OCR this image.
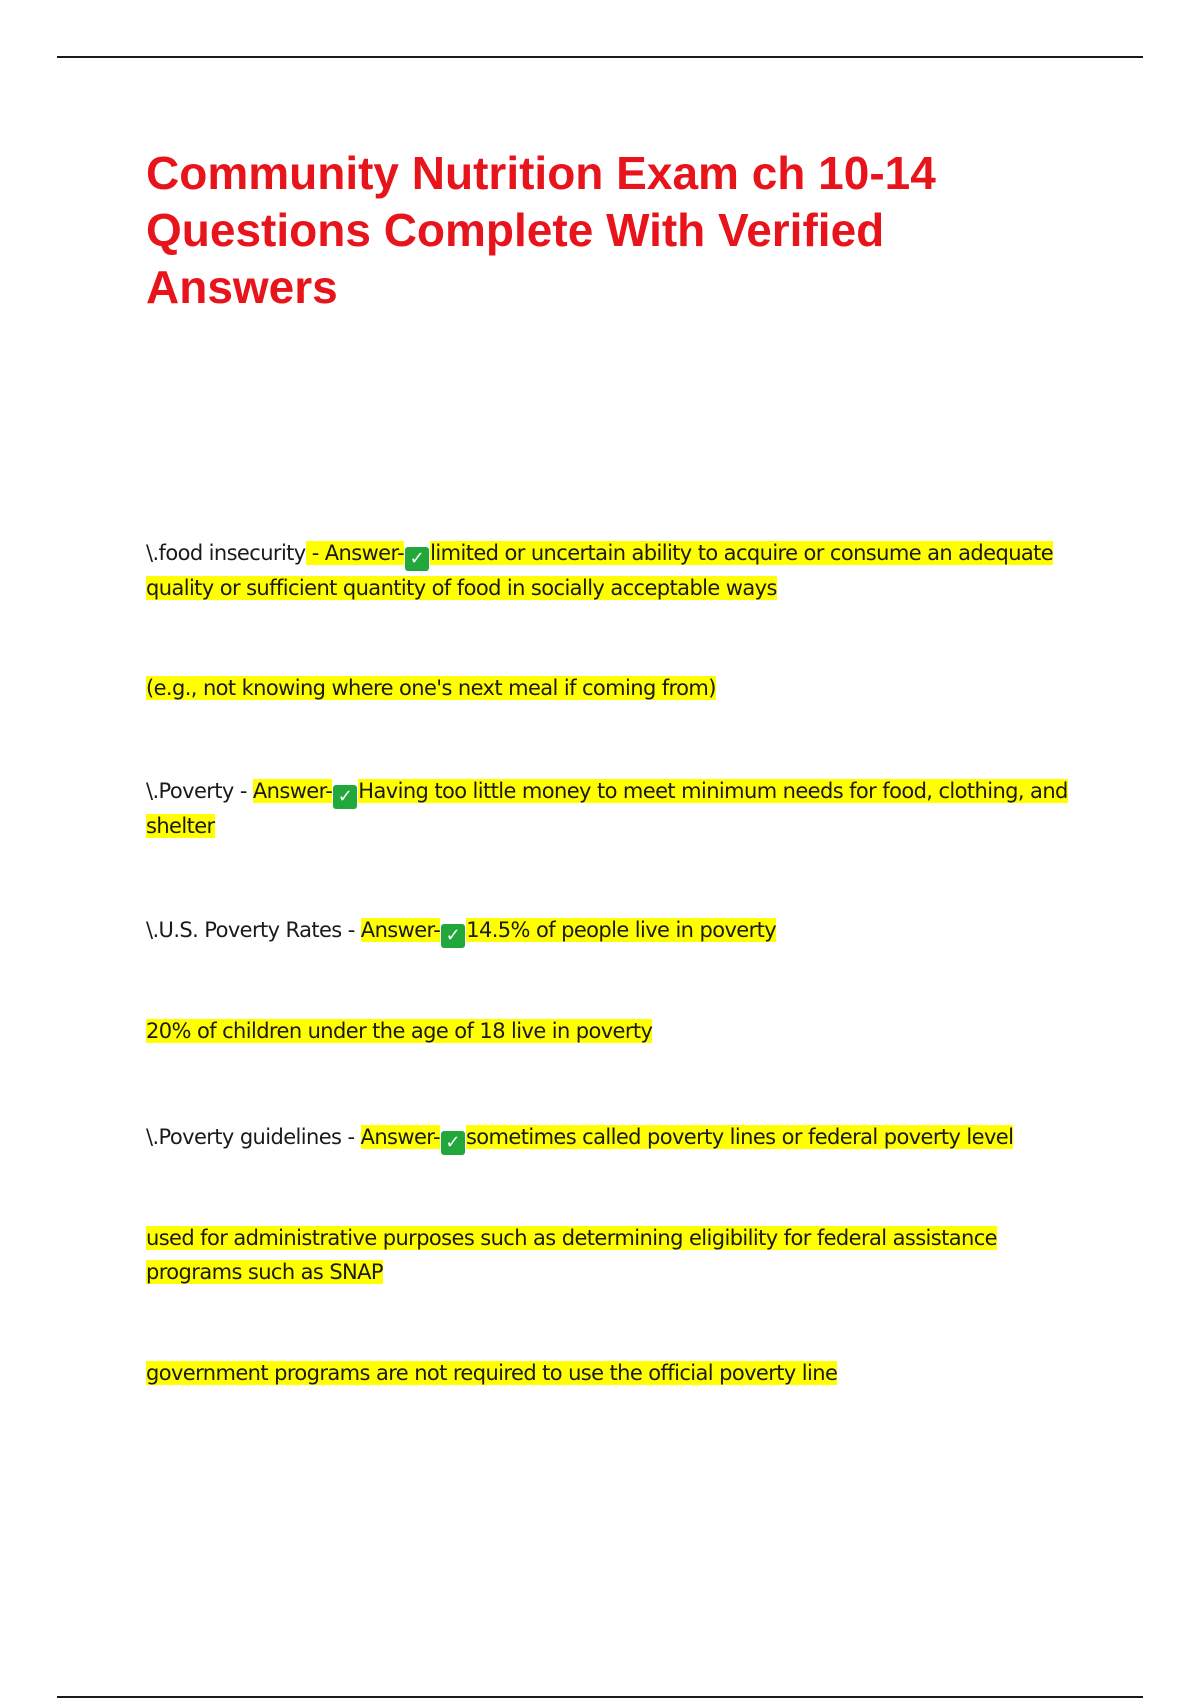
Community Nutrition Exam ch 10-14 Questions Complete With Verified Answers

\.food insecurity - Answer- ✓ limited or uncertain ability to acquire or consume an adequate quality or sufficient quantity of food in socially acceptable ways

(e.g., not knowing where one's next meal if coming from)

\.Poverty - Answer- ✓ Having too little money to meet minimum needs for food, clothing, and shelter

\.U.S. Poverty Rates - Answer- ✓ 14.5% of people live in poverty

20% of children under the age of 18 live in poverty

\.Poverty guidelines - Answer- ✓ sometimes called poverty lines or federal poverty level

used for administrative purposes such as determining eligibility for federal assistance programs such as SNAP

government programs are not required to use the official poverty line
